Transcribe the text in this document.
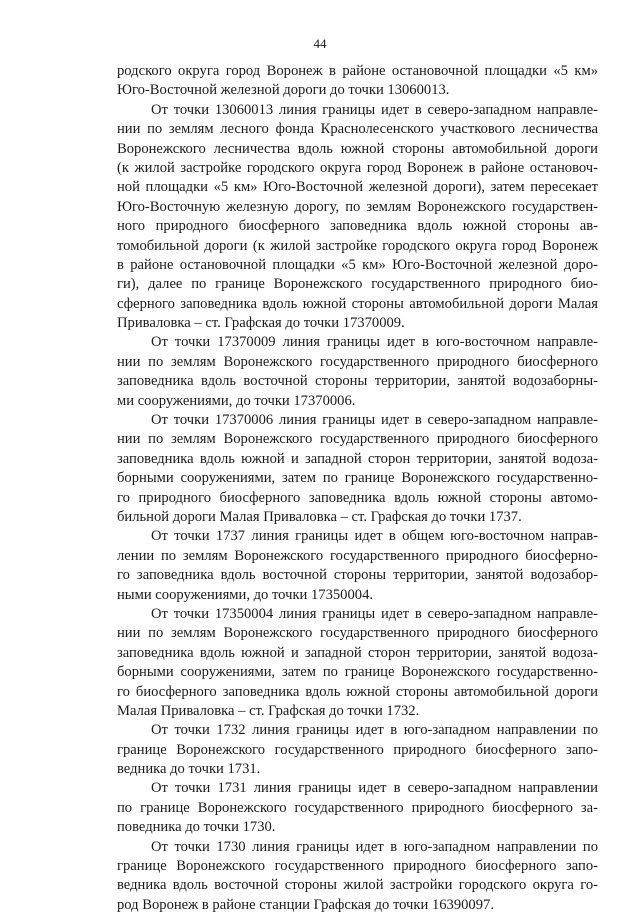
44
родского округа город Воронеж в районе остановочной площадки «5 км»
Юго-Восточной железной дороги до точки 13060013.
От точки 13060013 линия границы идет в северо-западном направле-
нии по землям лесного фонда Краснолесенского участкового лесничества
Воронежского лесничества вдоль южной стороны автомобильной дороги
(к жилой застройке городского округа город Воронеж в районе остановоч-
ной площадки «5 км» Юго-Восточной железной дороги), затем пересекает
Юго-Восточную железную дорогу, по землям Воронежского государствен-
ного природного биосферного заповедника вдоль южной стороны ав-
томобильной дороги (к жилой застройке городского округа город Воронеж
в районе остановочной площадки «5 км» Юго-Восточной железной доро-
ги), далее по границе Воронежского государственного природного био-
сферного заповедника вдоль южной стороны автомобильной дороги Малая
Приваловка – ст. Графская до точки 17370009.
От точки 17370009 линия границы идет в юго-восточном направле-
нии по землям Воронежского государственного природного биосферного
заповедника вдоль восточной стороны территории, занятой водозаборны-
ми сооружениями, до точки 17370006.
От точки 17370006 линия границы идет в северо-западном направле-
нии по землям Воронежского государственного природного биосферного
заповедника вдоль южной и западной сторон территории, занятой водоза-
борными сооружениями, затем по границе Воронежского государственно-
го природного биосферного заповедника вдоль южной стороны автомо-
бильной дороги Малая Приваловка – ст. Графская до точки 1737.
От точки 1737 линия границы идет в общем юго-восточном направ-
лении по землям Воронежского государственного природного биосферно-
го заповедника вдоль восточной стороны территории, занятой водозабор-
ными сооружениями, до точки 17350004.
От точки 17350004 линия границы идет в северо-западном направле-
нии по землям Воронежского государственного природного биосферного
заповедника вдоль южной и западной сторон территории, занятой водоза-
борными сооружениями, затем по границе Воронежского государственно-
го биосферного заповедника вдоль южной стороны автомобильной дороги
Малая Приваловка – ст. Графская до точки 1732.
От точки 1732 линия границы идет в юго-западном направлении по
границе Воронежского государственного природного биосферного запо-
ведника до точки 1731.
От точки 1731 линия границы идет в северо-западном направлении
по границе Воронежского государственного природного биосферного за-
поведника до точки 1730.
От точки 1730 линия границы идет в юго-западном направлении по
границе Воронежского государственного природного биосферного запо-
ведника вдоль восточной стороны жилой застройки городского округа го-
род Воронеж в районе станции Графская до точки 16390097.
